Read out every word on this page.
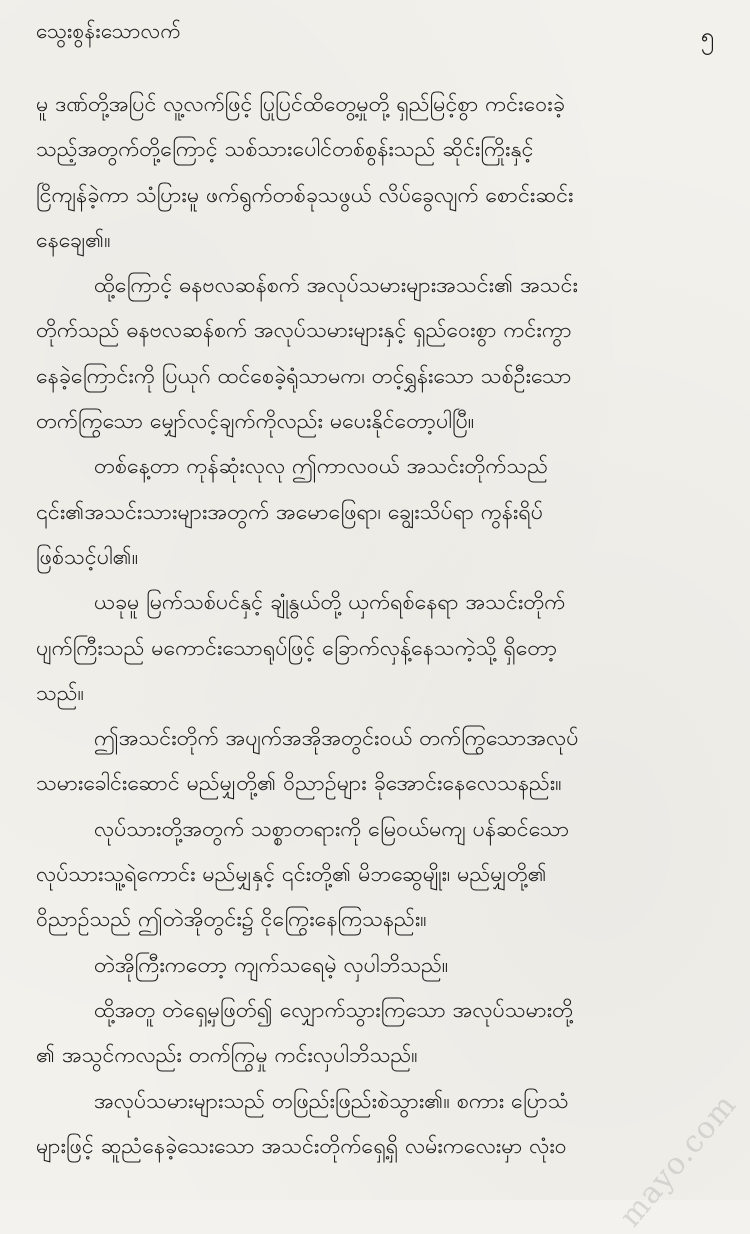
သွေးစွန်းသောလက်	၅
မူ ဒဏ်တို့အပြင် လူ့လက်ဖြင့် ပြုပြင်ထိတွေ့မှုတို့ ရှည်မြင့်စွာ ကင်းဝေးခဲ့
သည့်အတွက်တို့ကြောင့် သစ်သားပေါင်တစ်စွန်းသည် ဆိုင်းကြိုးနှင့်
ငြိကျန်ခဲ့ကာ သံပြားမူ ဖက်ရွက်တစ်ခုသဖွယ် လိပ်ခွေလျက် စောင်းဆင်း
နေချေ၏။
ထို့ကြောင့် ဓနဗလဆန်စက် အလုပ်သမားများအသင်း၏ အသင်း
တိုက်သည် ဓနဗလဆန်စက် အလုပ်သမားများနှင့် ရှည်ဝေးစွာ ကင်းကွာ
နေခဲ့ကြောင်းကို ပြယုဂ် ထင်စေခဲ့ရုံသာမက၊ တင့်ရွှန်းသော သစ်ဦးသော
တက်ကြွသော မျှော်လင့်ချက်ကိုလည်း မပေးနိုင်တော့ပါပြီ။
တစ်နေ့တာ ကုန်ဆုံးလုလု ဤကာလဝယ် အသင်းတိုက်သည်
၎င်း၏အသင်းသားများအတွက် အမောဖြေရာ၊ ချွေးသိပ်ရာ ကွန်းရိပ်
ဖြစ်သင့်ပါ၏။
ယခုမူ မြက်သစ်ပင်နှင့် ချုံနွယ်တို့ ယှက်ရစ်နေရာ အသင်းတိုက်
ပျက်ကြီးသည် မကောင်းသောရုပ်ဖြင့် ခြောက်လှန့်နေသကဲ့သို့ ရှိတော့
သည်။
ဤအသင်းတိုက် အပျက်အအိုအတွင်းဝယ် တက်ကြွသောအလုပ်
သမားခေါင်းဆောင် မည်မျှတို့၏ ဝိညာဉ်များ ခိုအောင်းနေလေသနည်း။
လုပ်သားတို့အတွက် သစ္စာတရားကို မြေဝယ်မကျ ပန်ဆင်သော
လုပ်သားသူ့ရဲကောင်း မည်မျှနှင့် ၎င်းတို့၏ မိဘဆွေမျိုး၊ မည်မျှတို့၏
ဝိညာဉ်သည် ဤတဲအိုတွင်း၌ ငိုကြွေးနေကြသနည်း။
တဲအိုကြီးကတော့ ကျက်သရေမဲ့ လှပါဘိသည်။
ထို့အတူ တဲရှေ့မှဖြတ်၍ လျှောက်သွားကြသော အလုပ်သမားတို့
၏ အသွင်ကလည်း တက်ကြွမှု ကင်းလှပါဘိသည်။
အလုပ်သမားများသည် တဖြည်းဖြည်းစဲသွား၏။ စကား ပြောသံ
များဖြင့် ဆူညံနေခဲ့သေးသော အသင်းတိုက်ရှေ့ရှိ လမ်းကလေးမှာ လုံးဝ	mayo.com
